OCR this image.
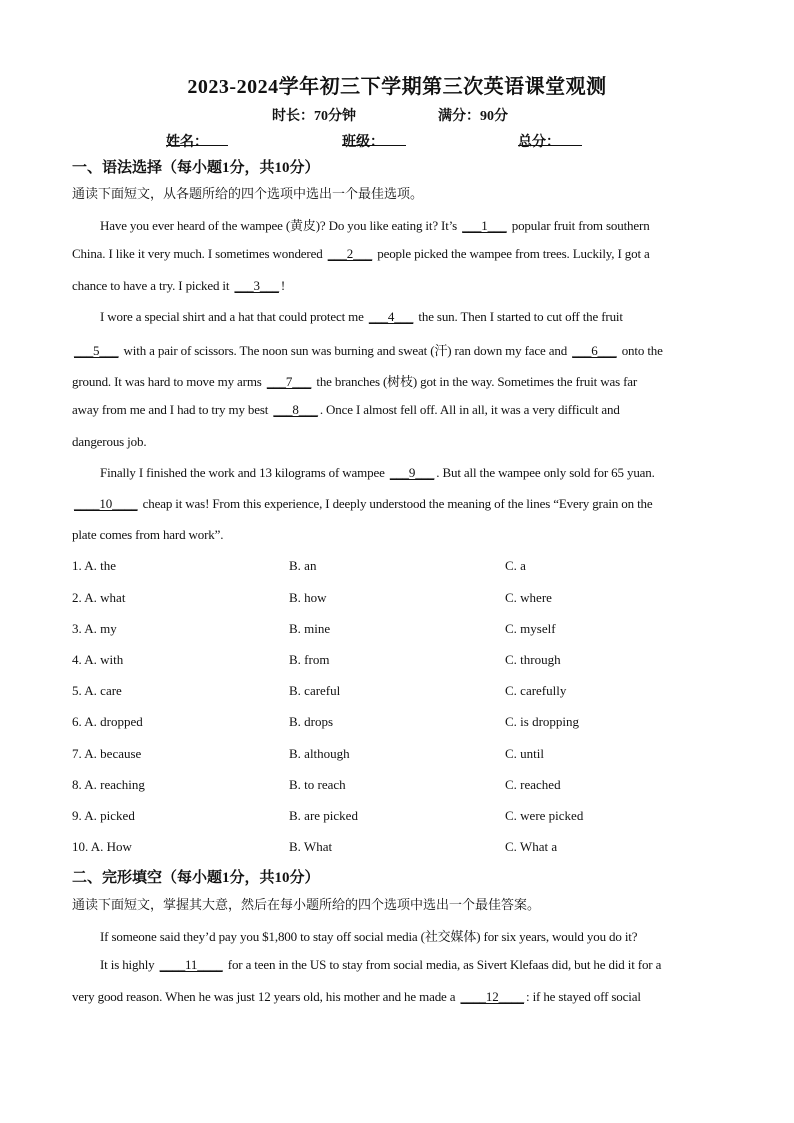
2023-2024学年初三下学期第三次英语课堂观测
时长：70分钟	满分：90分
姓名：	班级：	总分：
一、语法选择（每小题1分，共10分）
通读下面短文，从各题所给的四个选项中选出一个最佳选项。
Have you ever heard of the wampee (黄皮)? Do you like eating it? It’s ___1___ popular fruit from southern
China. I like it very much. I sometimes wondered ___2___ people picked the wampee from trees. Luckily, I got a
chance to have a try. I picked it ___3___ !
I wore a special shirt and a hat that could protect me ___4___ the sun. Then I started to cut off the fruit
___5___ with a pair of scissors. The noon sun was burning and sweat (汗) ran down my face and ___6___ onto the
ground. It was hard to move my arms ___7___ the branches (树枝) got in the way. Sometimes the fruit was far
away from me and I had to try my best ___8___ . Once I almost fell off. All in all, it was a very difficult and
dangerous job.
Finally I finished the work and 13 kilograms of wampee ___9___ . But all the wampee only sold for 65 yuan.
____10____ cheap it was! From this experience, I deeply understood the meaning of the lines “Every grain on the
plate comes from hard work”.
1. A. the	B. an	C. a
2. A. what	B. how	C. where
3. A. my	B. mine	C. myself
4. A. with	B. from	C. through
5. A. care	B. careful	C. carefully
6. A. dropped	B. drops	C. is dropping
7. A. because	B. although	C. until
8. A. reaching	B. to reach	C. reached
9. A. picked	B. are picked	C. were picked
10. A. How	B. What	C. What a
二、完形填空（每小题1分，共10分）
通读下面短文，掌握其大意，然后在每小题所给的四个选项中选出一个最佳答案。
If someone said they’d pay you $1,800 to stay off social media (社交媒体) for six years, would you do it?
It is highly ____11____ for a teen in the US to stay from social media, as Sivert Klefaas did, but he did it for a
very good reason. When he was just 12 years old, his mother and he made a ____12____ : if he stayed off social
